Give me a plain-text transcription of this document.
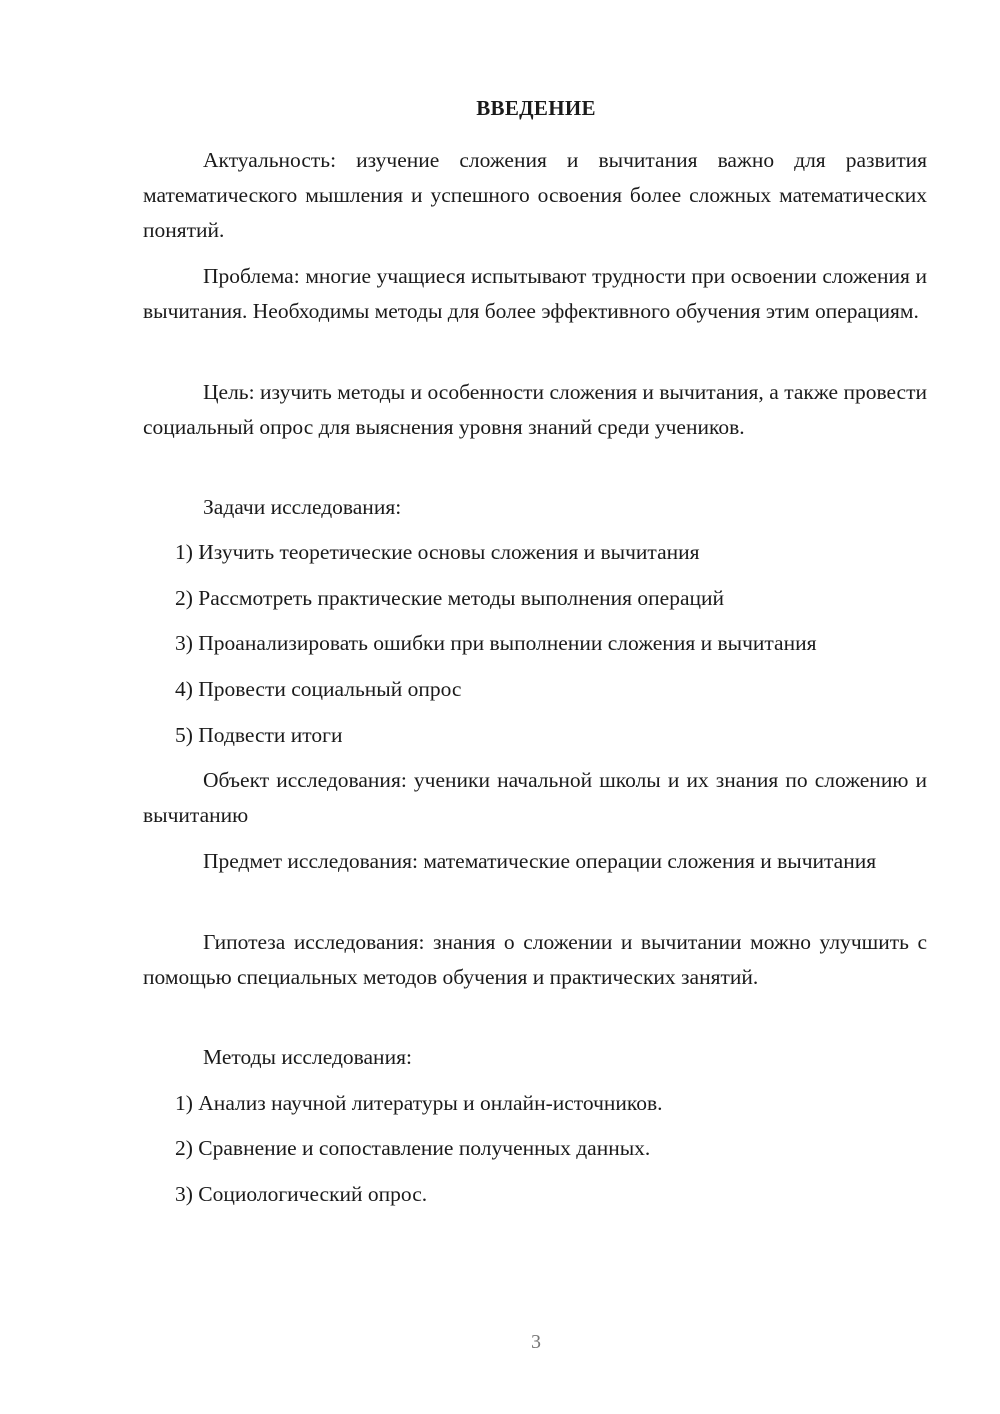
ВВЕДЕНИЕ

Актуальность: изучение сложения и вычитания важно для развития математического мышления и успешного освоения более сложных математических понятий.

Проблема: многие учащиеся испытывают трудности при освоении сложения и вычитания. Необходимы методы для более эффективного обучения этим операциям.

Цель: изучить методы и особенности сложения и вычитания, а также провести социальный опрос для выяснения уровня знаний среди учеников.

Задачи исследования:

1) Изучить теоретические основы сложения и вычитания

2) Рассмотреть практические методы выполнения операций

3) Проанализировать ошибки при выполнении сложения и вычитания

4) Провести социальный опрос

5) Подвести итоги

Объект исследования: ученики начальной школы и их знания по сложению и вычитанию

Предмет исследования: математические операции сложения и вычитания

Гипотеза исследования: знания о сложении и вычитании можно улучшить с помощью специальных методов обучения и практических занятий.

Методы исследования:

1) Анализ научной литературы и онлайн-источников.

2) Сравнение и сопоставление полученных данных.

3) Социологический опрос.

3
